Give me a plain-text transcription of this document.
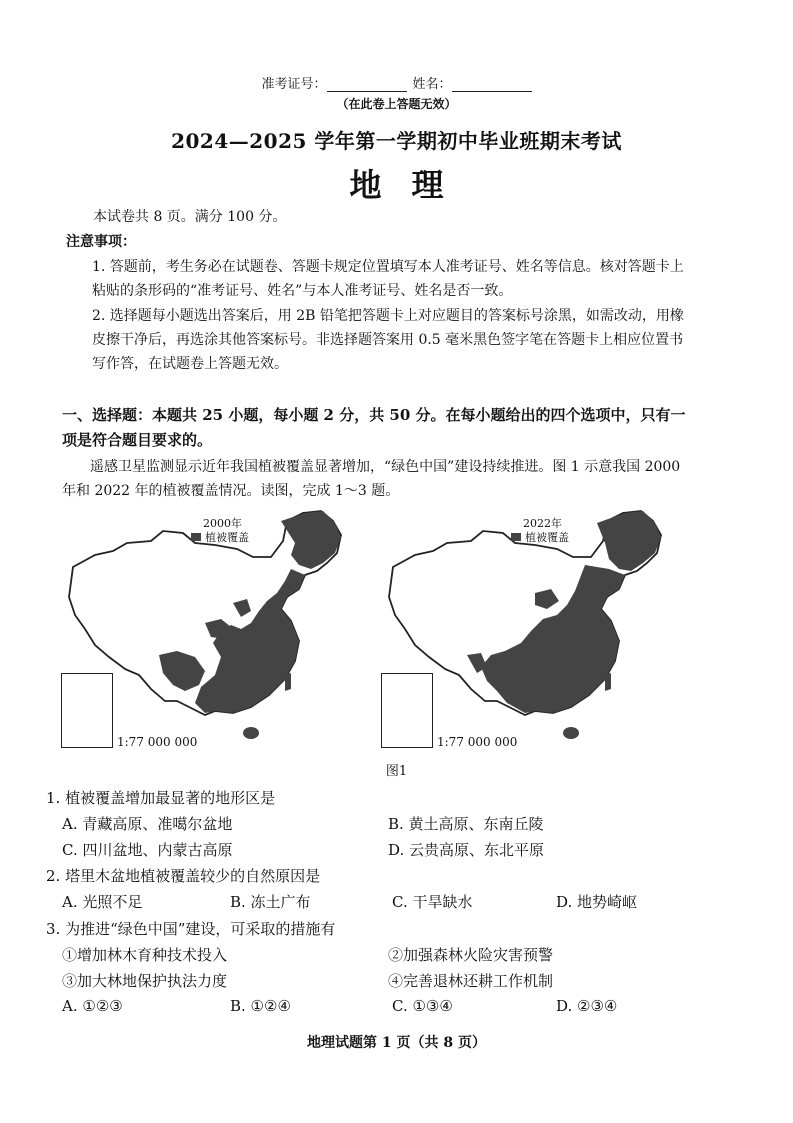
准考证号：	姓名：
（在此卷上答题无效）
2024—2025 学年第一学期初中毕业班期末考试
地理
本试卷共 8 页。满分 100 分。
注意事项：
1. 答题前，考生务必在试题卷、答题卡规定位置填写本人准考证号、姓名等信息。核对答题卡上粘贴的条形码的“准考证号、姓名”与本人准考证号、姓名是否一致。
2. 选择题每小题选出答案后，用 2B 铅笔把答题卡上对应题目的答案标号涂黑，如需改动，用橡皮擦干净后，再选涂其他答案标号。非选择题答案用 0.5 毫米黑色签字笔在答题卡上相应位置书写作答，在试题卷上答题无效。
一、选择题：本题共 25 小题，每小题 2 分，共 50 分。在每小题给出的四个选项中，只有一项是符合题目要求的。
遥感卫星监测显示近年我国植被覆盖显著增加，“绿色中国”建设持续推进。图 1 示意我国 2000 年和 2022 年的植被覆盖情况。读图，完成 1～3 题。
2000年
植被覆盖
1:77 000 000
2022年
植被覆盖
1:77 000 000
图1
1. 植被覆盖增加最显著的地形区是
A. 青藏高原、准噶尔盆地	B. 黄土高原、东南丘陵
C. 四川盆地、内蒙古高原	D. 云贵高原、东北平原
2. 塔里木盆地植被覆盖较少的自然原因是
A. 光照不足	B. 冻土广布	C. 干旱缺水	D. 地势崎岖
3. 为推进“绿色中国”建设，可采取的措施有
①增加林木育种技术投入	②加强森林火险灾害预警
③加大林地保护执法力度	④完善退林还耕工作机制
A. ①②③	B. ①②④	C. ①③④	D. ②③④
地理试题第 1 页（共 8 页）
